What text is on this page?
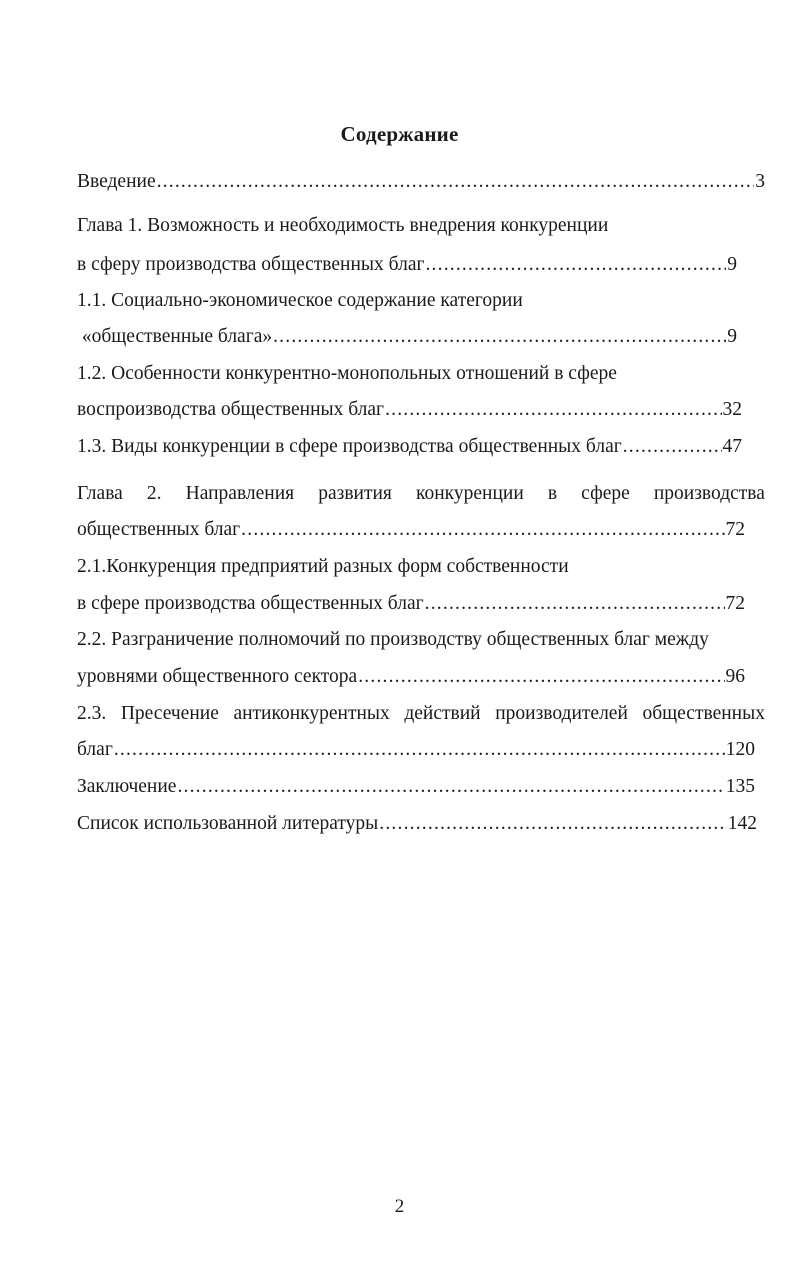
Содержание
Введение .....	3
Глава 1. Возможность и необходимость внедрения конкуренции
в сферу производства общественных благ .....	9
1.1. Социально-экономическое содержание категории
«общественные блага» .....	9
1.2. Особенности конкурентно-монопольных отношений в сфере
воспроизводства общественных благ .....	32
1.3. Виды конкуренции в сфере производства общественных благ .....	47
Глава 2. Направления развития конкуренции в сфере производства
общественных благ .....	72
2.1.Конкуренция предприятий разных форм собственности
в сфере производства общественных благ .....	72
2.2. Разграничение полномочий по производству общественных благ между
уровнями общественного сектора .....	96
2.3. Пресечение антиконкурентных действий производителей общественных
благ .....	120
Заключение .....	135
Список использованной литературы .....	142
2
